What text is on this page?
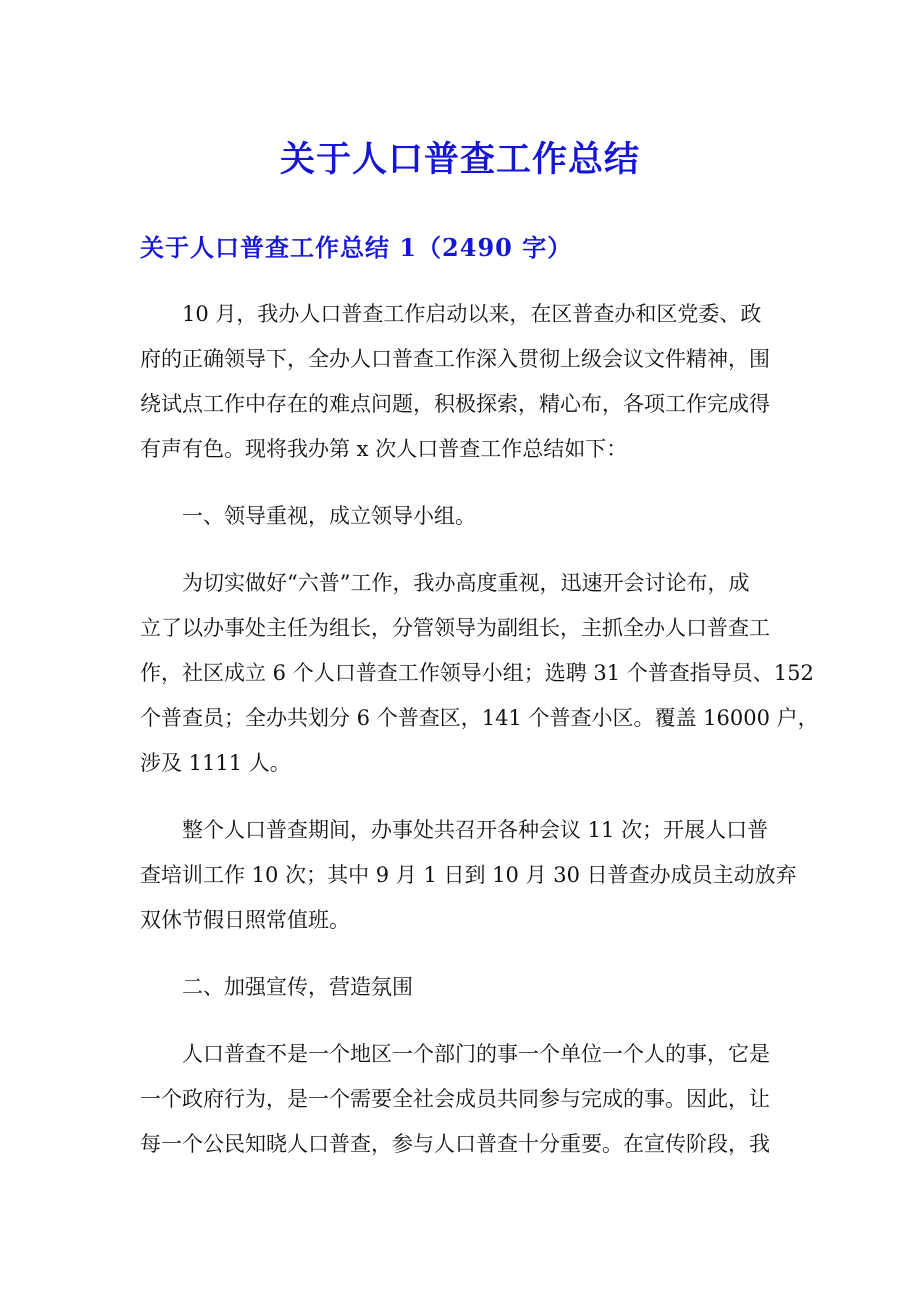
关于人口普查工作总结
关于人口普查工作总结 1（2490 字）

10 月，我办人口普查工作启动以来，在区普查办和区党委、政
府的正确领导下，全办人口普查工作深入贯彻上级会议文件精神，围
绕试点工作中存在的难点问题，积极探索，精心布，各项工作完成得
有声有色。现将我办第 x 次人口普查工作总结如下：

一、领导重视，成立领导小组。

为切实做好“六普”工作，我办高度重视，迅速开会讨论布，成
立了以办事处主任为组长，分管领导为副组长，主抓全办人口普查工
作，社区成立 6 个人口普查工作领导小组；选聘 31 个普查指导员、152
个普查员；全办共划分 6 个普查区，141 个普查小区。覆盖 16000 户，
涉及 1111 人。

整个人口普查期间，办事处共召开各种会议 11 次；开展人口普
查培训工作 10 次；其中 9 月 1 日到 10 月 30 日普查办成员主动放弃
双休节假日照常值班。

二、加强宣传，营造氛围

人口普查不是一个地区一个部门的事一个单位一个人的事，它是
一个政府行为，是一个需要全社会成员共同参与完成的事。因此，让
每一个公民知晓人口普查，参与人口普查十分重要。在宣传阶段，我
